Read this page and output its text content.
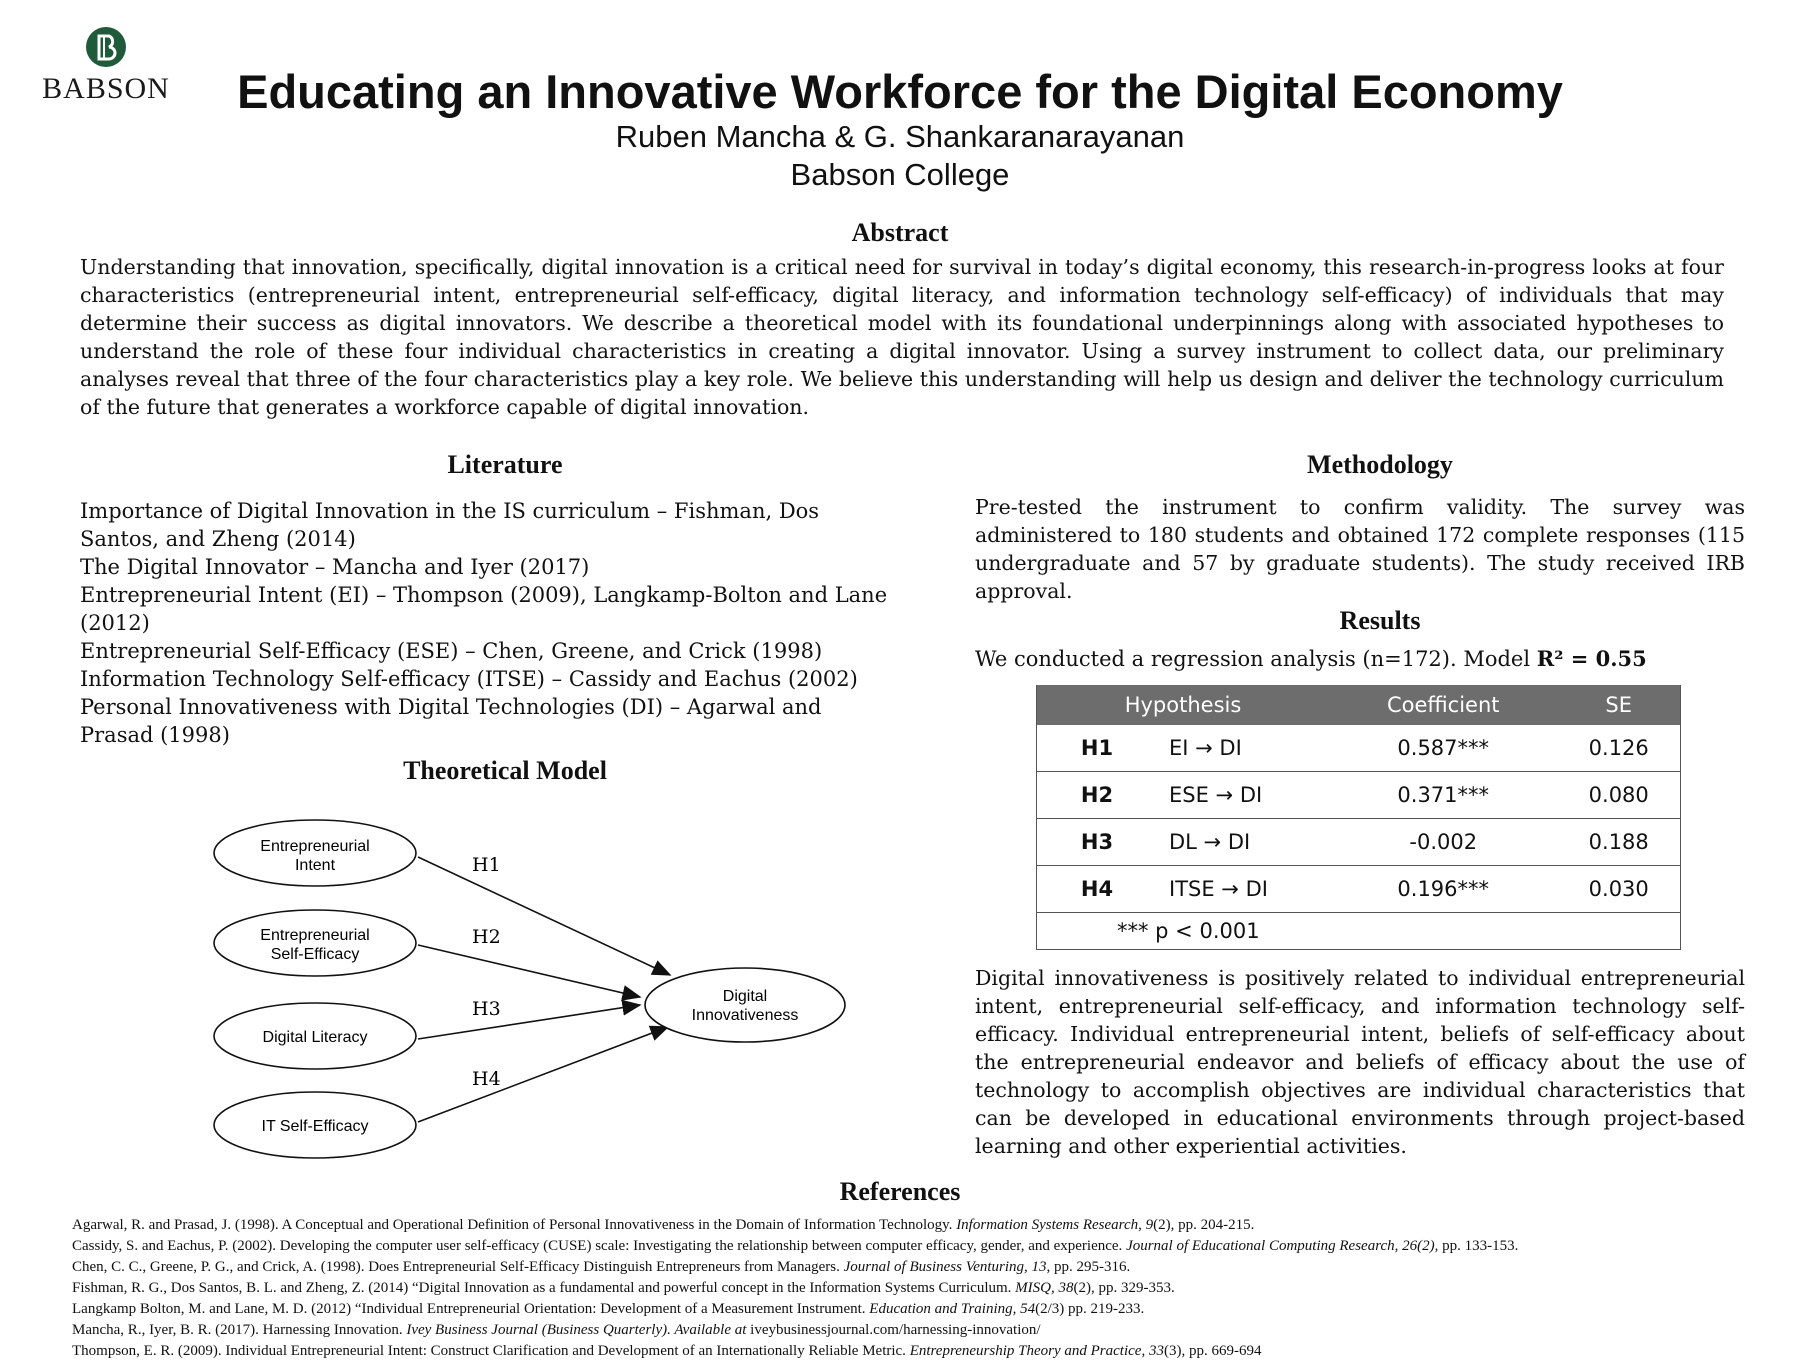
BABSON	Educating an Innovative Workforce for the Digital Economy
Ruben Mancha & G. Shankaranarayanan
Babson College
Abstract

Understanding that innovation, specifically, digital innovation is a critical need for survival in today’s digital economy, this research-in-progress looks at four characteristics (entrepreneurial intent, entrepreneurial self-efficacy, digital literacy, and information technology self-efficacy) of individuals that may determine their success as digital innovators. We describe a theoretical model with its foundational underpinnings along with associated hypotheses to understand the role of these four individual characteristics in creating a digital innovator. Using a survey instrument to collect data, our preliminary analyses reveal that three of the four characteristics play a key role. We believe this understanding will help us design and deliver the technology curriculum of the future that generates a workforce capable of digital innovation.

Literature
Importance of Digital Innovation in the IS curriculum – Fishman, Dos Santos, and Zheng (2014)
The Digital Innovator – Mancha and Iyer (2017)
Entrepreneurial Intent (EI) – Thompson (2009), Langkamp-Bolton and Lane (2012)
Entrepreneurial Self-Efficacy (ESE) – Chen, Greene, and Crick (1998)
Information Technology Self-efficacy (ITSE) – Cassidy and Eachus (2002)
Personal Innovativeness with Digital Technologies (DI) – Agarwal and Prasad (1998)
Theoretical Model
Entrepreneurial
Intent
Entrepreneurial
Self-Efficacy
Digital Literacy
IT Self-Efficacy
Digital
Innovativeness
H1
H2
H3
H4
Methodology

Pre-tested the instrument to confirm validity. The survey was administered to 180 students and obtained 172 complete responses (115 undergraduate and 57 by graduate students). The study received IRB approval.

Results
We conducted a regression analysis (n=172). Model R² = 0.55
Hypothesis		Coefficient	SE
H1	EI → DI	0.587***	0.126
H2	ESE → DI	0.371***	0.080
H3	DL → DI	-0.002	0.188
H4	ITSE → DI	0.196***	0.030
*** p < 0.001			

Digital innovativeness is positively related to individual entrepreneurial intent, entrepreneurial self-efficacy, and information technology self-efficacy. Individual entrepreneurial intent, beliefs of self-efficacy about the entrepreneurial endeavor and beliefs of efficacy about the use of technology to accomplish objectives are individual characteristics that can be developed in educational environments through project-based learning and other experiential activities.

References
Agarwal, R. and Prasad, J. (1998). A Conceptual and Operational Definition of Personal Innovativeness in the Domain of Information Technology. Information Systems Research, 9(2), pp. 204-215.
Cassidy, S. and Eachus, P. (2002). Developing the computer user self-efficacy (CUSE) scale: Investigating the relationship between computer efficacy, gender, and experience. Journal of Educational Computing Research, 26(2), pp. 133-153.
Chen, C. C., Greene, P. G., and Crick, A. (1998). Does Entrepreneurial Self-Efficacy Distinguish Entrepreneurs from Managers. Journal of Business Venturing, 13, pp. 295-316.
Fishman, R. G., Dos Santos, B. L. and Zheng, Z. (2014) “Digital Innovation as a fundamental and powerful concept in the Information Systems Curriculum. MISQ, 38(2), pp. 329-353.
Langkamp Bolton, M. and Lane, M. D. (2012) “Individual Entrepreneurial Orientation: Development of a Measurement Instrument. Education and Training, 54(2/3) pp. 219-233.
Mancha, R., Iyer, B. R. (2017). Harnessing Innovation. Ivey Business Journal (Business Quarterly). Available at iveybusinessjournal.com/harnessing-innovation/
Thompson, E. R. (2009). Individual Entrepreneurial Intent: Construct Clarification and Development of an Internationally Reliable Metric. Entrepreneurship Theory and Practice, 33(3), pp. 669-694
